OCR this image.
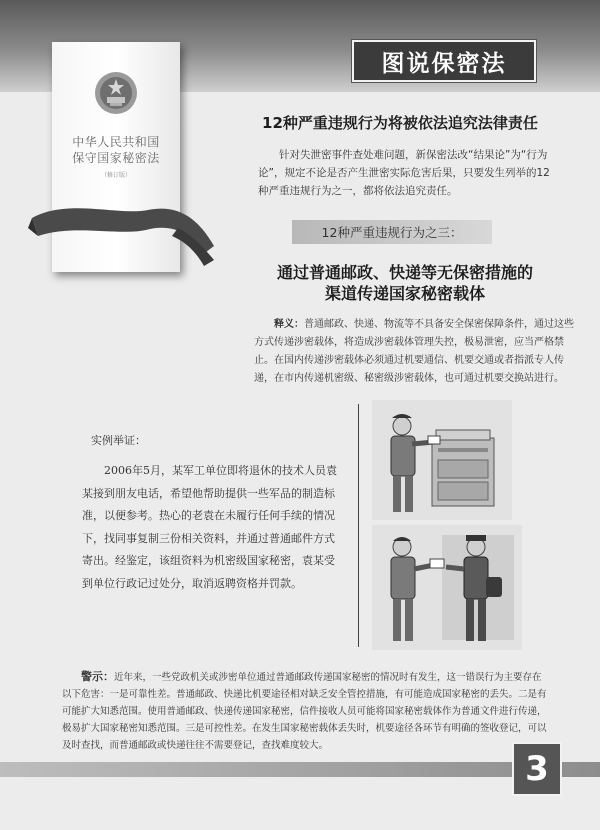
图说保密法
中华人民共和国
保守国家秘密法
（修订版）
12种严重违规行为将被依法追究法律责任
针对失泄密事件查处难问题，新保密法改“结果论”为“行为论”，规定不论是否产生泄密实际危害后果，只要发生列举的12种严重违规行为之一，都将依法追究责任。
12种严重违规行为之三：
通过普通邮政、快递等无保密措施的
渠道传递国家秘密载体
释义：普通邮政、快递、物流等不具备安全保密保障条件，通过这些方式传递涉密载体，将造成涉密载体管理失控，极易泄密，应当严格禁止。在国内传递涉密载体必须通过机要通信、机要交通或者指派专人传递，在市内传递机密级、秘密级涉密载体，也可通过机要交换站进行。
实例举证：
2006年5月，某军工单位即将退休的技术人员袁某接到朋友电话，希望他帮助提供一些军品的制造标准，以便参考。热心的老袁在未履行任何手续的情况下，找同事复制三份相关资料，并通过普通邮件方式寄出。经鉴定，该组资料为机密级国家秘密，袁某受到单位行政记过处分，取消返聘资格并罚款。
警示：近年来，一些党政机关或涉密单位通过普通邮政传递国家秘密的情况时有发生，这一错误行为主要存在以下危害：一是可靠性差。普通邮政、快递比机要途径相对缺乏安全管控措施，有可能造成国家秘密的丢失。二是有可能扩大知悉范围。使用普通邮政、快递传递国家秘密，信件接收人员可能将国家秘密载体作为普通文件进行传递，极易扩大国家秘密知悉范围。三是可控性差。在发生国家秘密载体丢失时，机要途径各环节有明确的签收登记，可以及时查找，而普通邮政或快递往往不需要登记，查找难度较大。
3
